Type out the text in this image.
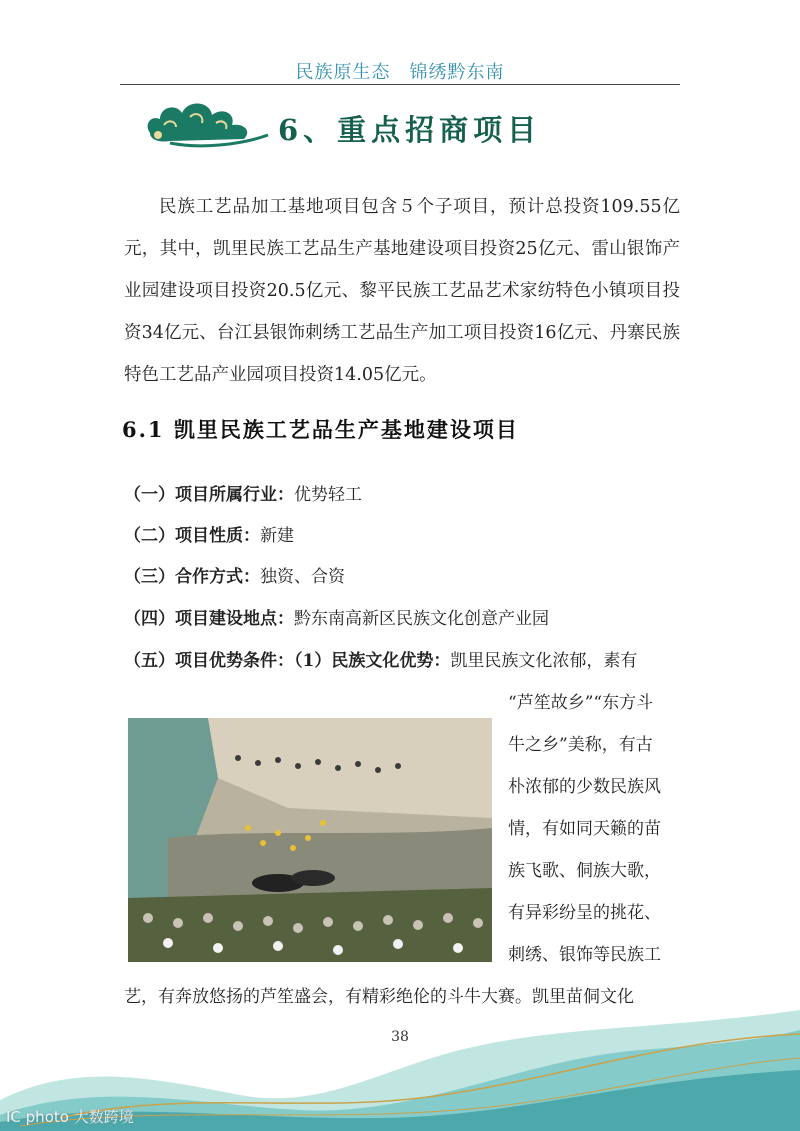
民族原生态　锦绣黔东南
6、重点招商项目
民族工艺品加工基地项目包含５个子项目，预计总投资109.55亿元，其中，凯里民族工艺品生产基地建设项目投资25亿元、雷山银饰产业园建设项目投资20.5亿元、黎平民族工艺品艺术家纺特色小镇项目投资34亿元、台江县银饰刺绣工艺品生产加工项目投资16亿元、丹寨民族特色工艺品产业园项目投资14.05亿元。
6.1 凯里民族工艺品生产基地建设项目
（一）项目所属行业：优势轻工
（二）项目性质：新建
（三）合作方式：独资、合资
（四）项目建设地点：黔东南高新区民族文化创意产业园
（五）项目优势条件：（1）民族文化优势：凯里民族文化浓郁，素有
“芦笙故乡”“东方斗
牛之乡”美称，有古
朴浓郁的少数民族风
情，有如同天籁的苗
族飞歌、侗族大歌，
有异彩纷呈的挑花、
刺绣、银饰等民族工
艺，有奔放悠扬的芦笙盛会，有精彩绝伦的斗牛大赛。凯里苗侗文化
38
IC photo 大数跨境
